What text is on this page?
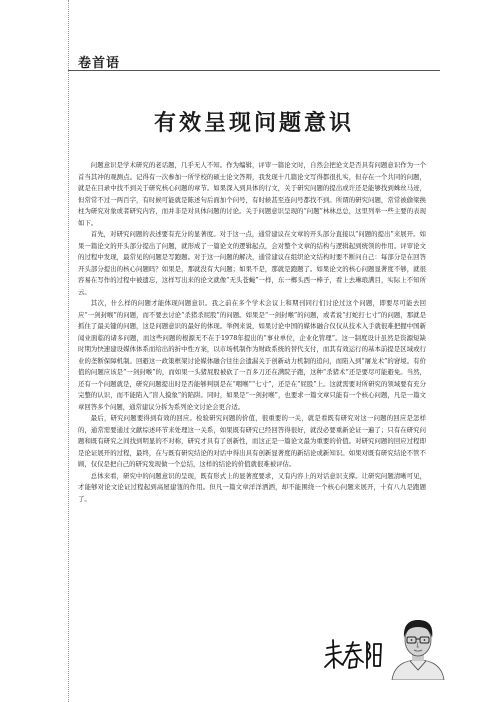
卷首语
有效呈现问题意识

问题意识是学术研究的老话题，几乎无人不知。作为编辑，评审一篇论文时，自然会把论文是否具有问题意识作为一个首当其冲的观测点。记得有一次参加一所学校的硕士论文答辩，我发现十几篇论文写得都很扎实，但存在一个共同的问题，就是在目录中找不到关于研究核心问题的章节。如果深入到具体的行文，关于研究问题的提出或许还是能够找到蛛丝马迹，但常常不过一两百字，有时候可能就是陈述句后面加个问号，有时候甚至连问号都找不到。所谓的研究问题，常常被偷梁换柱为研究对象或者研究内容，而并非是对具体问题的讨论。关于问题意识呈现的“问题”林林总总，这里列举一些主要的表现如下。

首先，对研究问题的表述要有充分的显著度。对于这一点，通常建议在文章的开头部分直接以“问题的提出”来展开。如果一篇论文的开头部分提出了问题，就形成了一篇论文的逻辑起点，会对整个文章的结构与逻辑起到统领的作用。评审论文的过程中发现，最常见的问题是写跑题。对于这一问题的解决，通常建议在组织论文结构时要不断问自己：每部分是在回答开头部分提出的核心问题吗？如果是，那就没有大问题；如果不是，那就是跑题了。如果论文的核心问题显著度不够，就很容易在写作的过程中被遗忘，这样写出来的论文就像“无头苍蝇”一样，东一榔头西一棒子，看上去琳琅满目，实际上不知所云。

其次，什么样的问题才能体现问题意识。我之前在多个学术会议上和期刊同行们讨论过这个问题，即要尽可能去回应“一剑封喉”的问题，而不要去讨论“杀猪杀屁股”的问题。如果是“一剑封喉”的问题，或者说“打蛇打七寸”的问题，那就是抓住了最关键的问题，这是问题意识的最好的体现。举例来说，如果讨论中国的媒体融合仅仅从技术入手就很难把握中国新闻业面临的诸多问题，而这些问题的根源无不在于1978年提出的“事业单位，企业化管理”。这一制度设计虽然是资源短缺时期为快速建设媒体体系而给出的折中性方案，以市场机制作为财政系统的替代支付，而其有效运行的基本前提是区域或行业的垄断保障机制。回避这一政策框架讨论媒体融合往往会遗漏关于创新动力机制的追问，而陷入到“屠龙术”的窘境。有价值的问题应该是“一剑封喉”的，而如果一头猪屁股被砍了一百多刀还在满院子跑，这种“杀猪术”还是要尽可能避免。当然，还有一个问题就是，研究问题提出时是否能够判别是在“咽喉”“七寸”，还是在“屁股”上。这就需要对所研究的领域要有充分完整的认识，而不能陷入“盲人摸象”的陷阱。同时，如果是“一剑封喉”，也要求一篇文章只能有一个核心问题，凡是一篇文章回答多个问题，通常建议分拆为系列论文讨论会更合适。

最后，研究问题要得到有效的回应。检验研究问题的价值，很重要的一关，就是看既有研究对这一问题的回应是怎样的，通常需要通过文献综述环节来处理这一关系，如果既有研究已经回答得很好，就没必要重新论证一遍了；只有在研究问题和既有研究之间找到明显的不对称，研究才具有了创新性，而这正是一篇论文最为重要的价值。对研究问题的回应过程即是论证展开的过程，最终，在与既有研究结论的对话中得出具有创新显著度的新结论或新知识。如果对既有研究结论不管不顾，仅仅是把自己的研究发现做一个总结，这样的结论的价值就很难被评估。

总体来看，研究中的问题意识的呈现，既有形式上的显著度要求，又有内容上的对话意识支撑。让研究问题清晰可见，才能够对论文论证过程起到高屋建瓴的作用。但凡一篇文章洋洋洒洒，却不能围绕一个核心问题来展开，十有八九是跑题了。
